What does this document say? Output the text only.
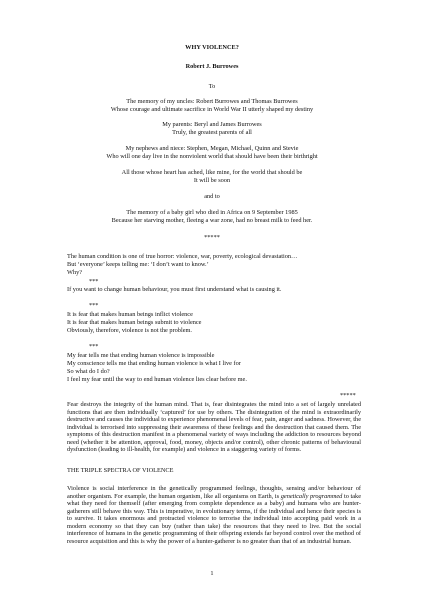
WHY VIOLENCE?
Robert J. Burrowes
To
The memory of my uncles: Robert Burrowes and Thomas Burrowes
Whose courage and ultimate sacrifice in World War II utterly shaped my destiny
My parents: Beryl and James Burrowes
Truly, the greatest parents of all
My nephews and niece: Stephen, Megan, Michael, Quinn and Stevie
Who will one day live in the nonviolent world that should have been their birthright
All those whose heart has ached, like mine, for the world that should be
It will be soon
and to
The memory of a baby girl who died in Africa on 9 September 1985
Because her starving mother, fleeing a war zone, had no breast milk to feed her.
*****
The human condition is one of true horror: violence, war, poverty, ecological devastation…
But ‘everyone’ keeps telling me: ‘I don’t want to know.’
Why?
***
If you want to change human behaviour, you must first understand what is causing it.
***
It is fear that makes human beings inflict violence
It is fear that makes human beings submit to violence
Obviously, therefore, violence is not the problem.
***
My fear tells me that ending human violence is impossible
My conscience tells me that ending human violence is what I live for
So what do I do?
I feel my fear until the way to end human violence lies clear before me.
*****
Fear destroys the integrity of the human mind. That is, fear disintegrates the mind into a set of largely unrelated functions that are then individually ‘captured’ for use by others. The disintegration of the mind is extraordinarily destructive and causes the individual to experience phenomenal levels of fear, pain, anger and sadness. However, the individual is terrorised into suppressing their awareness of these feelings and the destruction that caused them. The symptoms of this destruction manifest in a phenomenal variety of ways including the addiction to resources beyond need (whether it be attention, approval, food, money, objects and/or control), other chronic patterns of behavioural dysfunction (leading to ill-health, for example) and violence in a staggering variety of forms.
THE TRIPLE SPECTRA OF VIOLENCE
Violence is social interference in the genetically programmed feelings, thoughts, sensing and/or behaviour of another organism. For example, the human organism, like all organisms on Earth, is genetically programmed to take what they need for themself (after emerging from complete dependence as a baby) and humans who are hunter-gatherers still behave this way. This is imperative, in evolutionary terms, if the individual and hence their species is to survive. It takes enormous and protracted violence to terrorise the individual into accepting paid work in a modern economy so that they can buy (rather than take) the resources that they need to live. But the social interference of humans in the genetic programming of their offspring extends far beyond control over the method of resource acquisition and this is why the power of a hunter-gatherer is no greater than that of an industrial human.
1
